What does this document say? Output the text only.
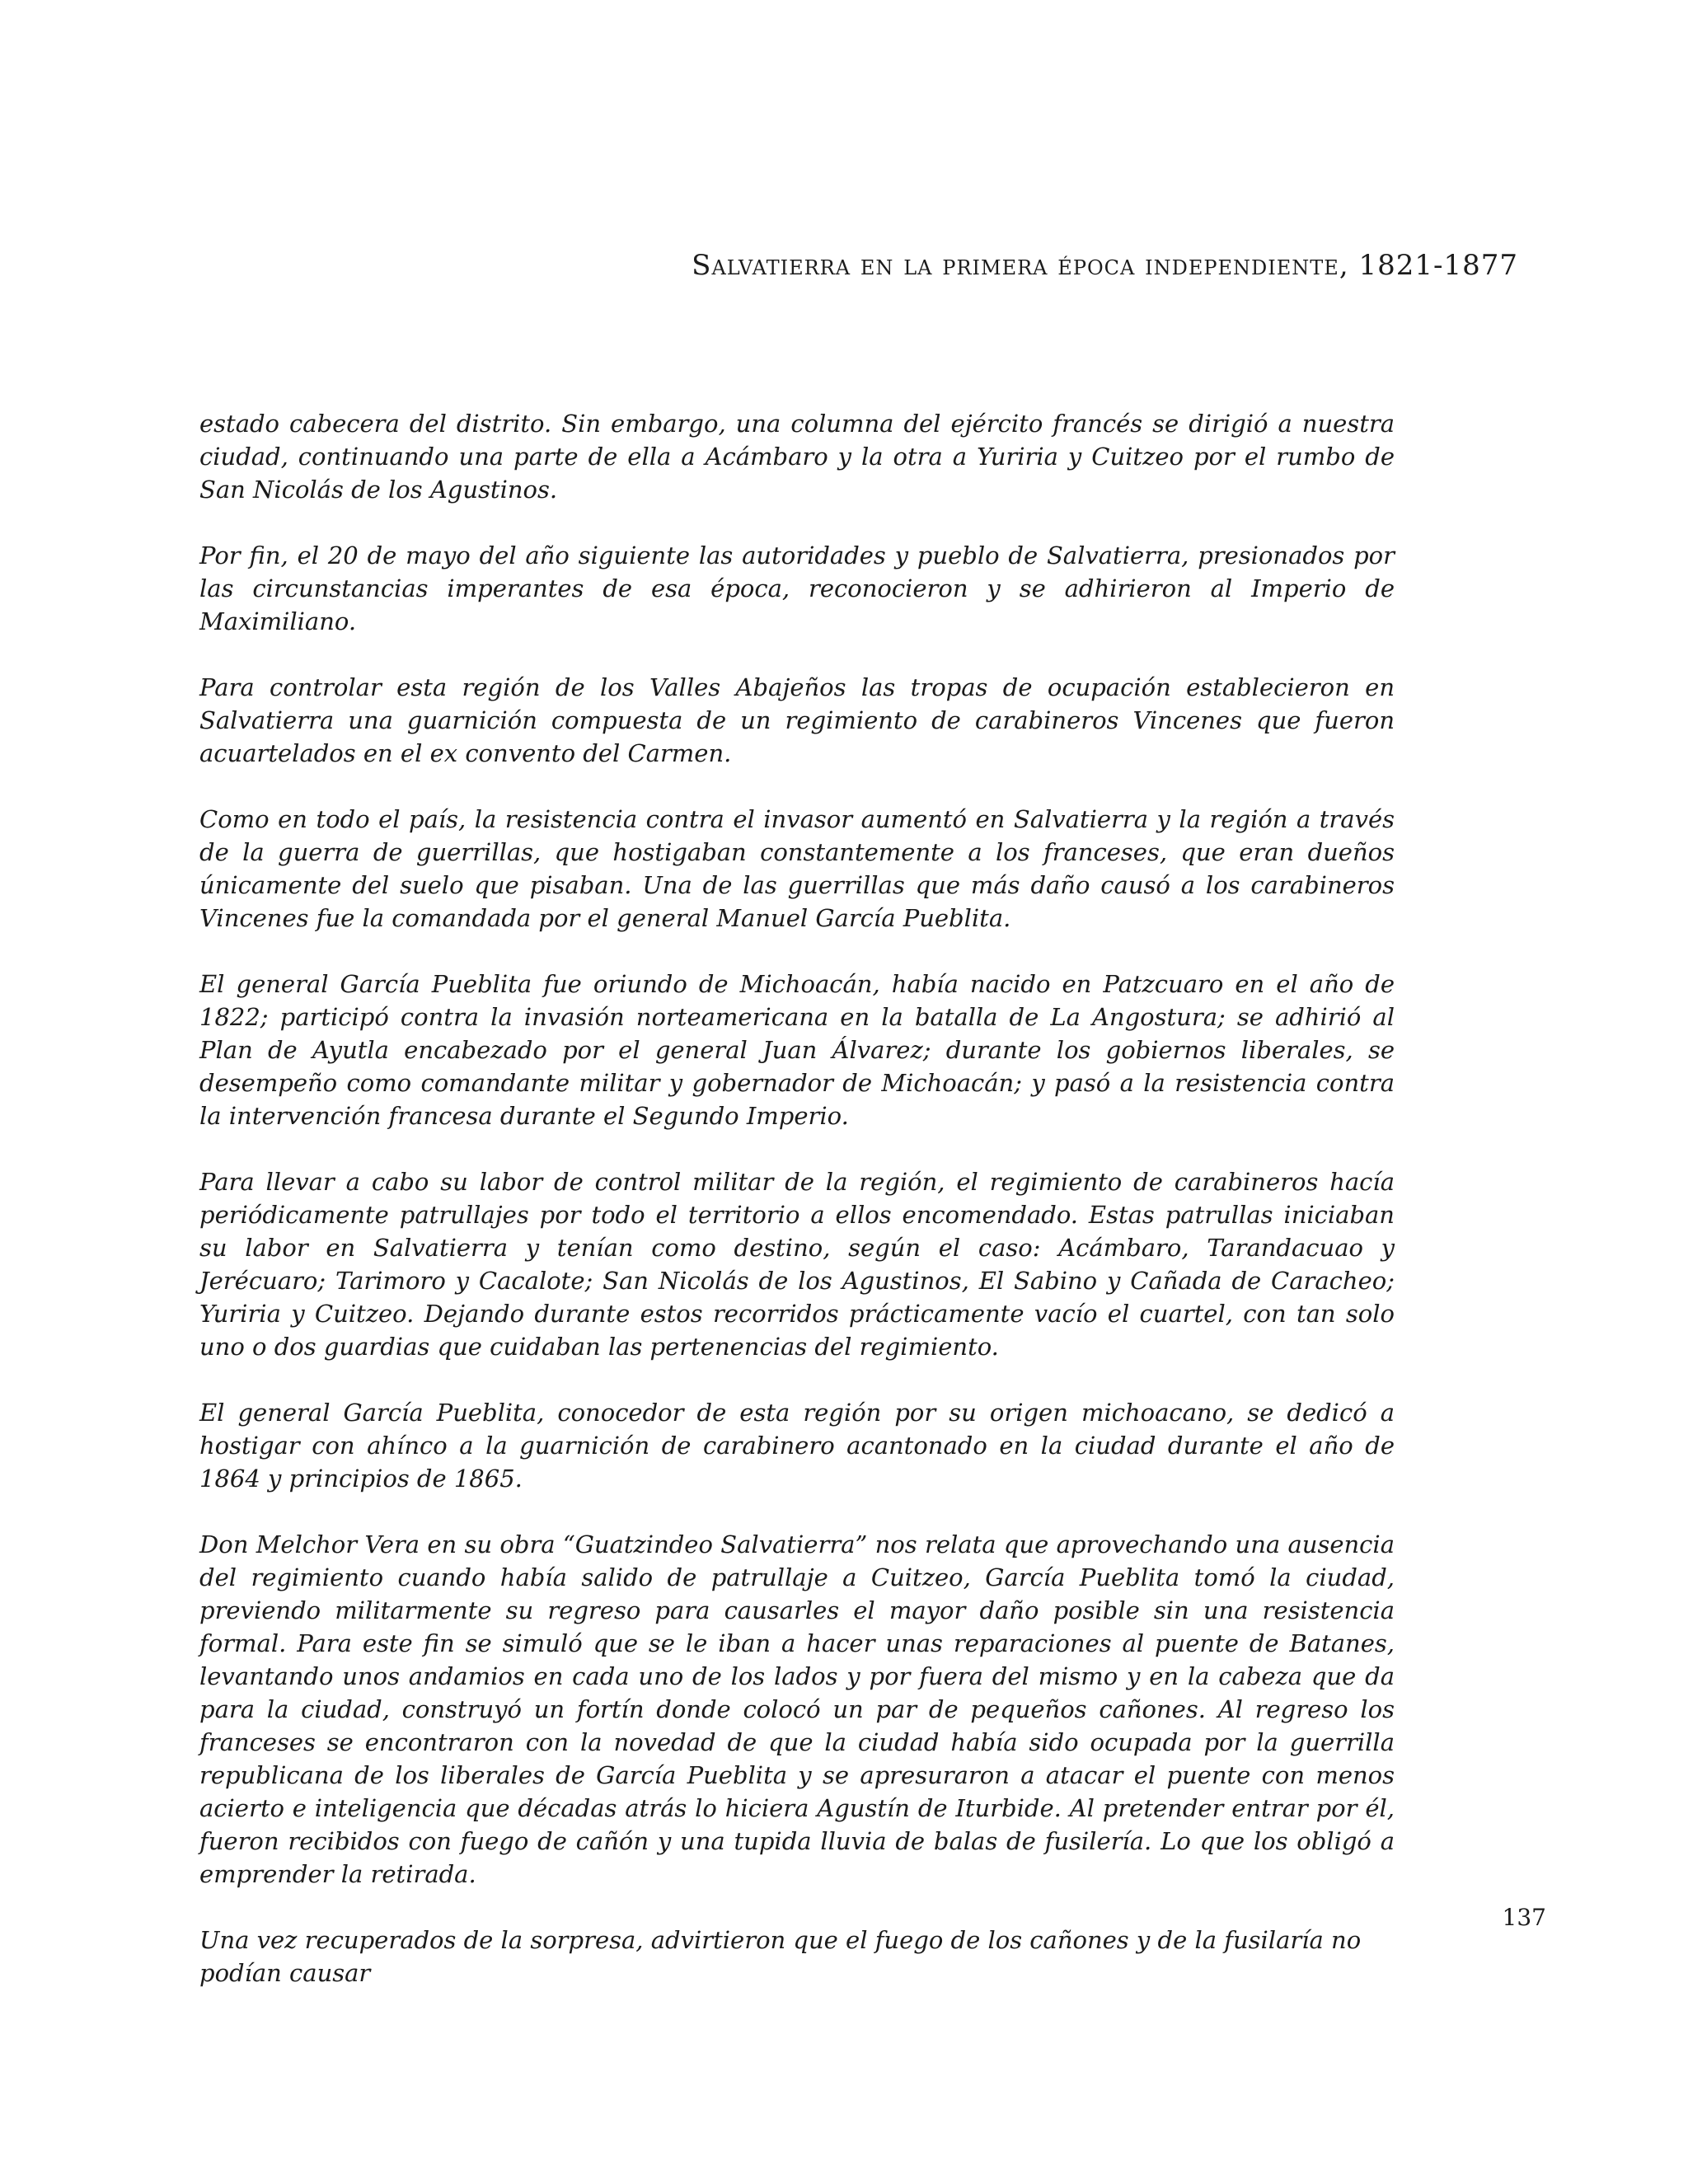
Salvatierra en la primera época independiente, 1821-1877

estado cabecera del distrito. Sin embargo, una columna del ejército francés se dirigió a nuestra ciudad, continuando una parte de ella a Acámbaro y la otra a Yuriria y Cuitzeo por el rumbo de San Nicolás de los Agustinos.

Por fin, el 20 de mayo del año siguiente las autoridades y pueblo de Salvatierra, presionados por las circunstancias imperantes de esa época, reconocieron y se adhirieron al Imperio de Maximiliano.

Para controlar esta región de los Valles Abajeños las tropas de ocupación establecieron en Salvatierra una guarnición compuesta de un regimiento de carabineros Vincenes que fueron acuartelados en el ex convento del Carmen.

Como en todo el país, la resistencia contra el invasor aumentó en Salvatierra y la región a través de la guerra de guerrillas, que hostigaban constantemente a los franceses, que eran dueños únicamente del suelo que pisaban. Una de las guerrillas que más daño causó a los carabineros Vincenes fue la comandada por el general Manuel García Pueblita.

El general García Pueblita fue oriundo de Michoacán, había nacido en Patzcuaro en el año de 1822; participó contra la invasión norteamericana en la batalla de La Angostura; se adhirió al Plan de Ayutla encabezado por el general Juan Álvarez; durante los gobiernos liberales, se desempeño como comandante militar y gobernador de Michoacán; y pasó a la resistencia contra la intervención francesa durante el Segundo Imperio.

Para llevar a cabo su labor de control militar de la región, el regimiento de carabineros hacía periódicamente patrullajes por todo el territorio a ellos encomendado. Estas patrullas iniciaban su labor en Salvatierra y tenían como destino, según el caso: Acámbaro, Tarandacuao y Jerécuaro; Tarimoro y Cacalote; San Nicolás de los Agustinos, El Sabino y Cañada de Caracheo; Yuriria y Cuitzeo. Dejando durante estos recorridos prácticamente vacío el cuartel, con tan solo uno o dos guardias que cuidaban las pertenencias del regimiento.

El general García Pueblita, conocedor de esta región por su origen michoacano, se dedicó a hostigar con ahínco a la guarnición de carabinero acantonado en la ciudad durante el año de 1864 y principios de 1865.

Don Melchor Vera en su obra “Guatzindeo Salvatierra” nos relata que aprovechando una ausencia del regimiento cuando había salido de patrullaje a Cuitzeo, García Pueblita tomó la ciudad, previendo militarmente su regreso para causarles el mayor daño posible sin una resistencia formal. Para este fin se simuló que se le iban a hacer unas reparaciones al puente de Batanes, levantando unos andamios en cada uno de los lados y por fuera del mismo y en la cabeza que da para la ciudad, construyó un fortín donde colocó un par de pequeños cañones. Al regreso los franceses se encontraron con la novedad de que la ciudad había sido ocupada por la guerrilla republicana de los liberales de García Pueblita y se apresuraron a atacar el puente con menos acierto e inteligencia que décadas atrás lo hiciera Agustín de Iturbide. Al pretender entrar por él, fueron recibidos con fuego de cañón y una tupida lluvia de balas de fusilería. Lo que los obligó a emprender la retirada.

Una vez recuperados de la sorpresa, advirtieron que el fuego de los cañones y de la fusilaría no podían causar

137
